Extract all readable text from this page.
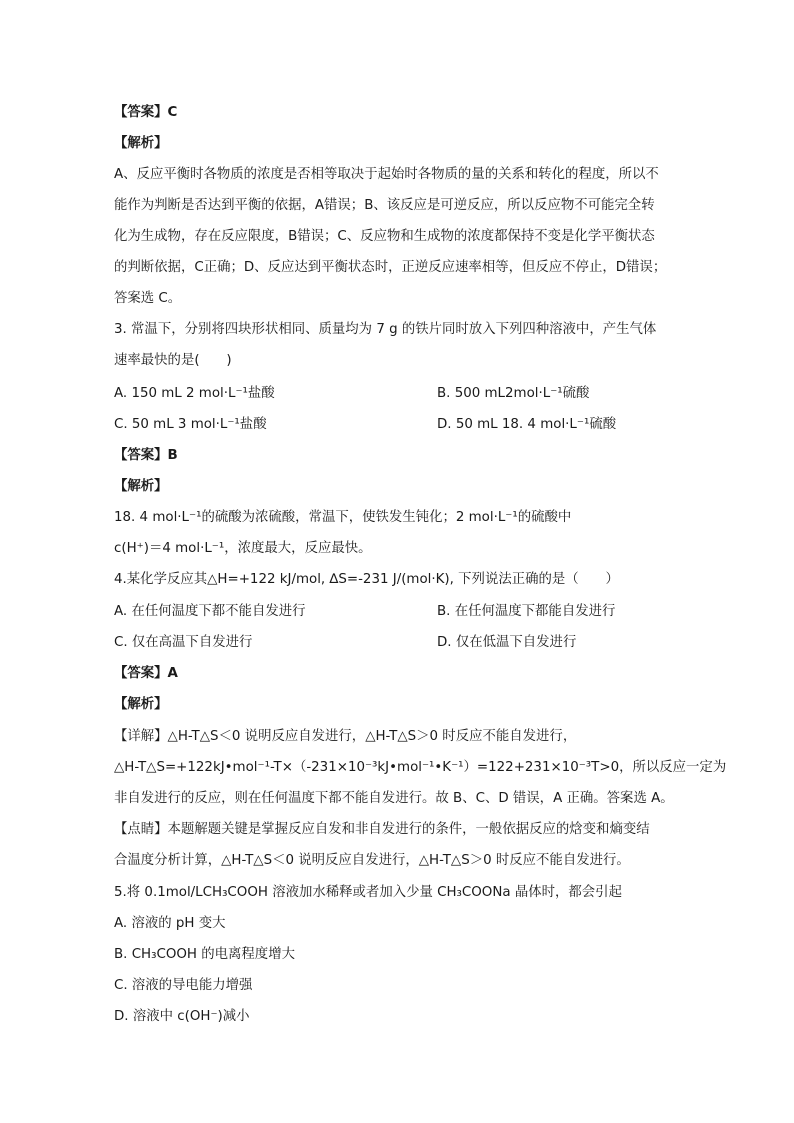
【答案】C
【解析】
A、反应平衡时各物质的浓度是否相等取决于起始时各物质的量的关系和转化的程度，所以不
能作为判断是否达到平衡的依据，A错误；B、该反应是可逆反应，所以反应物不可能完全转
化为生成物，存在反应限度，B错误；C、反应物和生成物的浓度都保持不变是化学平衡状态
的判断依据，C正确；D、反应达到平衡状态时，正逆反应速率相等，但反应不停止，D错误；
答案选 C。
3. 常温下，分别将四块形状相同、质量均为 7 g 的铁片同时放入下列四种溶液中，产生气体
速率最快的是(　　)
A. 150 mL 2 mol·L⁻¹盐酸	B. 500 mL2mol·L⁻¹硫酸
C. 50 mL 3 mol·L⁻¹盐酸	D. 50 mL 18. 4 mol·L⁻¹硫酸
【答案】B
【解析】
18. 4 mol·L⁻¹的硫酸为浓硫酸，常温下，使铁发生钝化；2 mol·L⁻¹的硫酸中
c(H⁺)＝4 mol·L⁻¹，浓度最大，反应最快。
4.某化学反应其△H=+122 kJ/mol, ∆S=-231 J/(mol·K), 下列说法正确的是（　　）
A. 在任何温度下都不能自发进行	B. 在任何温度下都能自发进行
C. 仅在高温下自发进行	D. 仅在低温下自发进行
【答案】A
【解析】
【详解】△H-T△S＜0 说明反应自发进行，△H-T△S＞0 时反应不能自发进行，
△H-T△S=+122kJ•mol⁻¹-T×（-231×10⁻³kJ•mol⁻¹•K⁻¹）=122+231×10⁻³T>0，所以反应一定为
非自发进行的反应，则在任何温度下都不能自发进行。故 B、C、D 错误，A 正确。答案选 A。
【点睛】本题解题关键是掌握反应自发和非自发进行的条件，一般依据反应的焓变和熵变结
合温度分析计算，△H-T△S＜0 说明反应自发进行，△H-T△S＞0 时反应不能自发进行。
5.将 0.1mol/LCH₃COOH 溶液加水稀释或者加入少量 CH₃COONa 晶体时，都会引起
A. 溶液的 pH 变大
B. CH₃COOH 的电离程度增大
C. 溶液的导电能力增强
D. 溶液中 c(OH⁻)减小
